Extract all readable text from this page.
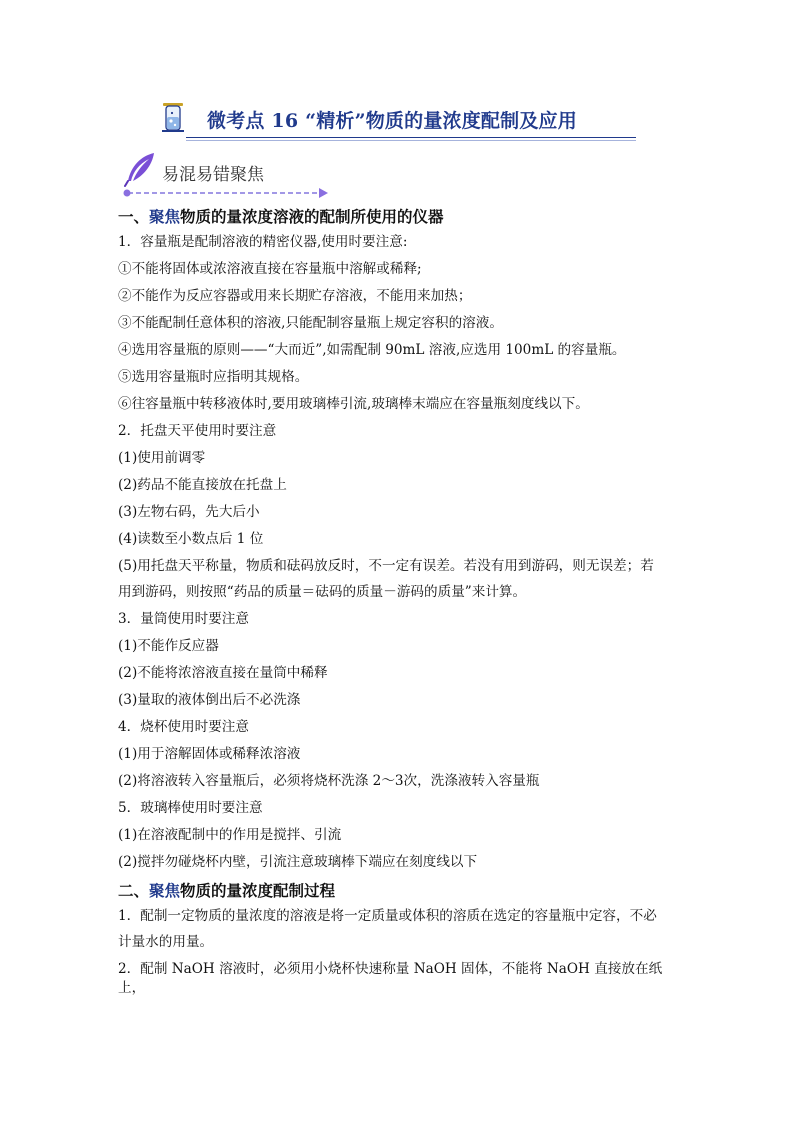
微考点 16 “精析”物质的量浓度配制及应用
易混易错聚焦
一、聚焦物质的量浓度溶液的配制所使用的仪器
1．容量瓶是配制溶液的精密仪器,使用时要注意:
①不能将固体或浓溶液直接在容量瓶中溶解或稀释;
②不能作为反应容器或用来长期贮存溶液，不能用来加热；
③不能配制任意体积的溶液,只能配制容量瓶上规定容积的溶液。
④选用容量瓶的原则——“大而近”,如需配制 90mL 溶液,应选用 100mL 的容量瓶。
⑤选用容量瓶时应指明其规格。
⑥往容量瓶中转移液体时,要用玻璃棒引流,玻璃棒末端应在容量瓶刻度线以下。
2．托盘天平使用时要注意
(1)使用前调零
(2)药品不能直接放在托盘上
(3)左物右码，先大后小
(4)读数至小数点后 1 位
(5)用托盘天平称量，物质和砝码放反时，不一定有误差。若没有用到游码，则无误差；若
用到游码，则按照“药品的质量＝砝码的质量－游码的质量”来计算。
3．量筒使用时要注意
(1)不能作反应器
(2)不能将浓溶液直接在量筒中稀释
(3)量取的液体倒出后不必洗涤
4．烧杯使用时要注意
(1)用于溶解固体或稀释浓溶液
(2)将溶液转入容量瓶后，必须将烧杯洗涤 2～3次，洗涤液转入容量瓶
5．玻璃棒使用时要注意
(1)在溶液配制中的作用是搅拌、引流
(2)搅拌勿碰烧杯内壁，引流注意玻璃棒下端应在刻度线以下
二、聚焦物质的量浓度配制过程
1．配制一定物质的量浓度的溶液是将一定质量或体积的溶质在选定的容量瓶中定容，不必
计量水的用量。
2．配制 NaOH 溶液时，必须用小烧杯快速称量 NaOH 固体，不能将 NaOH 直接放在纸上，
